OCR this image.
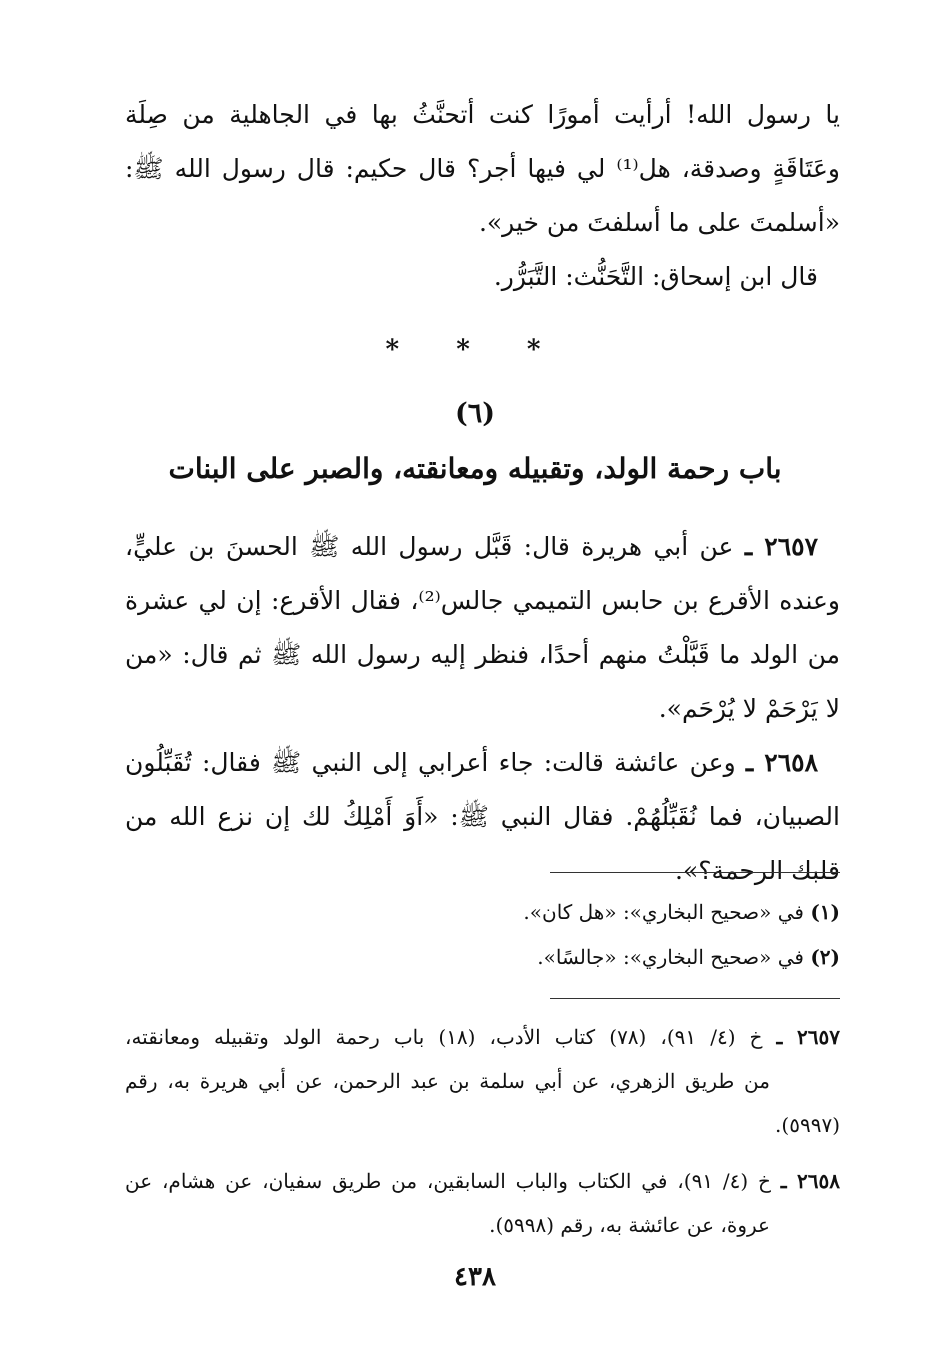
يا رسول الله! أرأيت أمورًا كنت أتحنَّثُ بها في الجاهلية من صِلَة وعَتَاقَةٍ وصدقة، هل⁽¹⁾ لي فيها أجر؟ قال حكيم: قال رسول الله ﷺ: «أسلمتَ على ما أسلفتَ من خير».

قال ابن إسحاق: التَّحَنُّث: التَّبَرُّر.

* * *
(٦)
باب رحمة الولد، وتقبيله ومعانقته، والصبر على البنات

٢٦٥٧ ـ عن أبي هريرة قال: قَبَّل رسول الله ﷺ الحسنَ بن عليٍّ، وعنده الأقرع بن حابس التميمي جالس⁽²⁾، فقال الأقرع: إن لي عشرة من الولد ما قَبَّلْتُ منهم أحدًا، فنظر إليه رسول الله ﷺ ثم قال: «من لا يَرْحَمْ لا يُرْحَم».

٢٦٥٨ ـ وعن عائشة قالت: جاء أعرابي إلى النبي ﷺ فقال: تُقَبِّلُون الصبيان، فما نُقَبِّلُهُمْ. فقال النبي ﷺ: «أَوَ أَمْلِكُ لك إن نزع الله من قلبك الرحمة؟».

(١) في «صحيح البخاري»: «هل كان».

(٢) في «صحيح البخاري»: «جالسًا».

٢٦٥٧ ـ خ (٤/ ٩١)، (٧٨) كتاب الأدب، (١٨) باب رحمة الولد وتقبيله ومعانقته، من طريق الزهري، عن أبي سلمة بن عبد الرحمن، عن أبي هريرة به، رقم (٥٩٩٧).

٢٦٥٨ ـ خ (٤/ ٩١)، في الكتاب والباب السابقين، من طريق سفيان، عن هشام، عن عروة، عن عائشة به، رقم (٥٩٩٨).

٤٣٨
